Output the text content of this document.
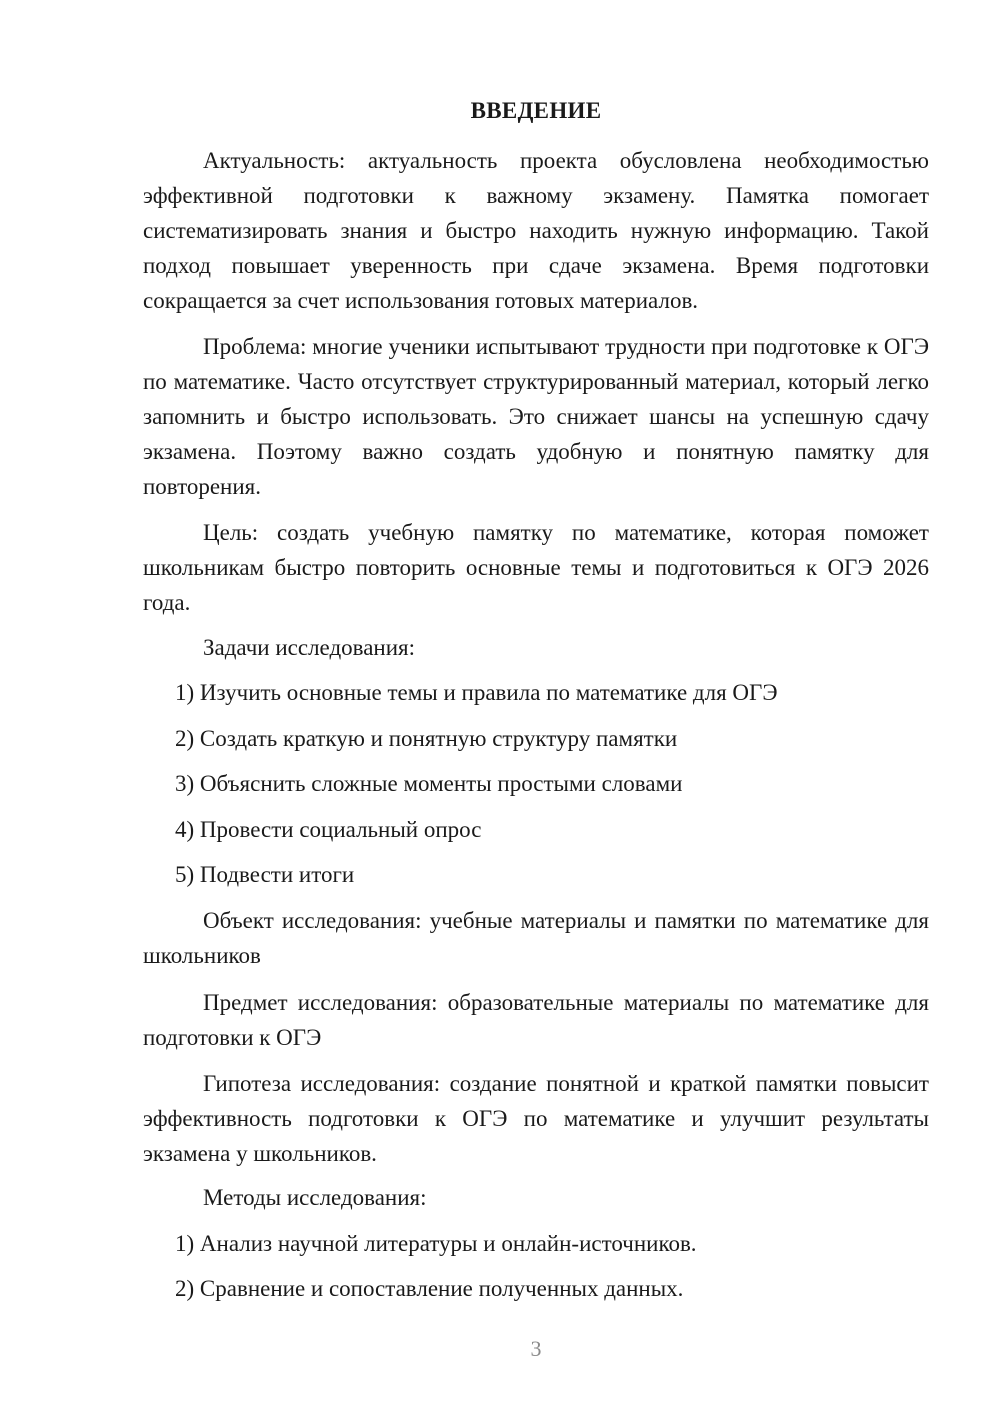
ВВЕДЕНИЕ

Актуальность: актуальность проекта обусловлена необходимостью эффективной подготовки к важному экзамену. Памятка помогает систематизировать знания и быстро находить нужную информацию. Такой подход повышает уверенность при сдаче экзамена. Время подготовки сокращается за счет использования готовых материалов.

Проблема: многие ученики испытывают трудности при подготовке к ОГЭ по математике. Часто отсутствует структурированный материал, который легко запомнить и быстро использовать. Это снижает шансы на успешную сдачу экзамена. Поэтому важно создать удобную и понятную памятку для повторения.

Цель: создать учебную памятку по математике, которая поможет школьникам быстро повторить основные темы и подготовиться к ОГЭ 2026 года.

Задачи исследования:

1) Изучить основные темы и правила по математике для ОГЭ

2) Создать краткую и понятную структуру памятки

3) Объяснить сложные моменты простыми словами

4) Провести социальный опрос

5) Подвести итоги

Объект исследования: учебные материалы и памятки по математике для школьников

Предмет исследования: образовательные материалы по математике для подготовки к ОГЭ

Гипотеза исследования: создание понятной и краткой памятки повысит эффективность подготовки к ОГЭ по математике и улучшит результаты экзамена у школьников.

Методы исследования:

1) Анализ научной литературы и онлайн-источников.

2) Сравнение и сопоставление полученных данных.

3
